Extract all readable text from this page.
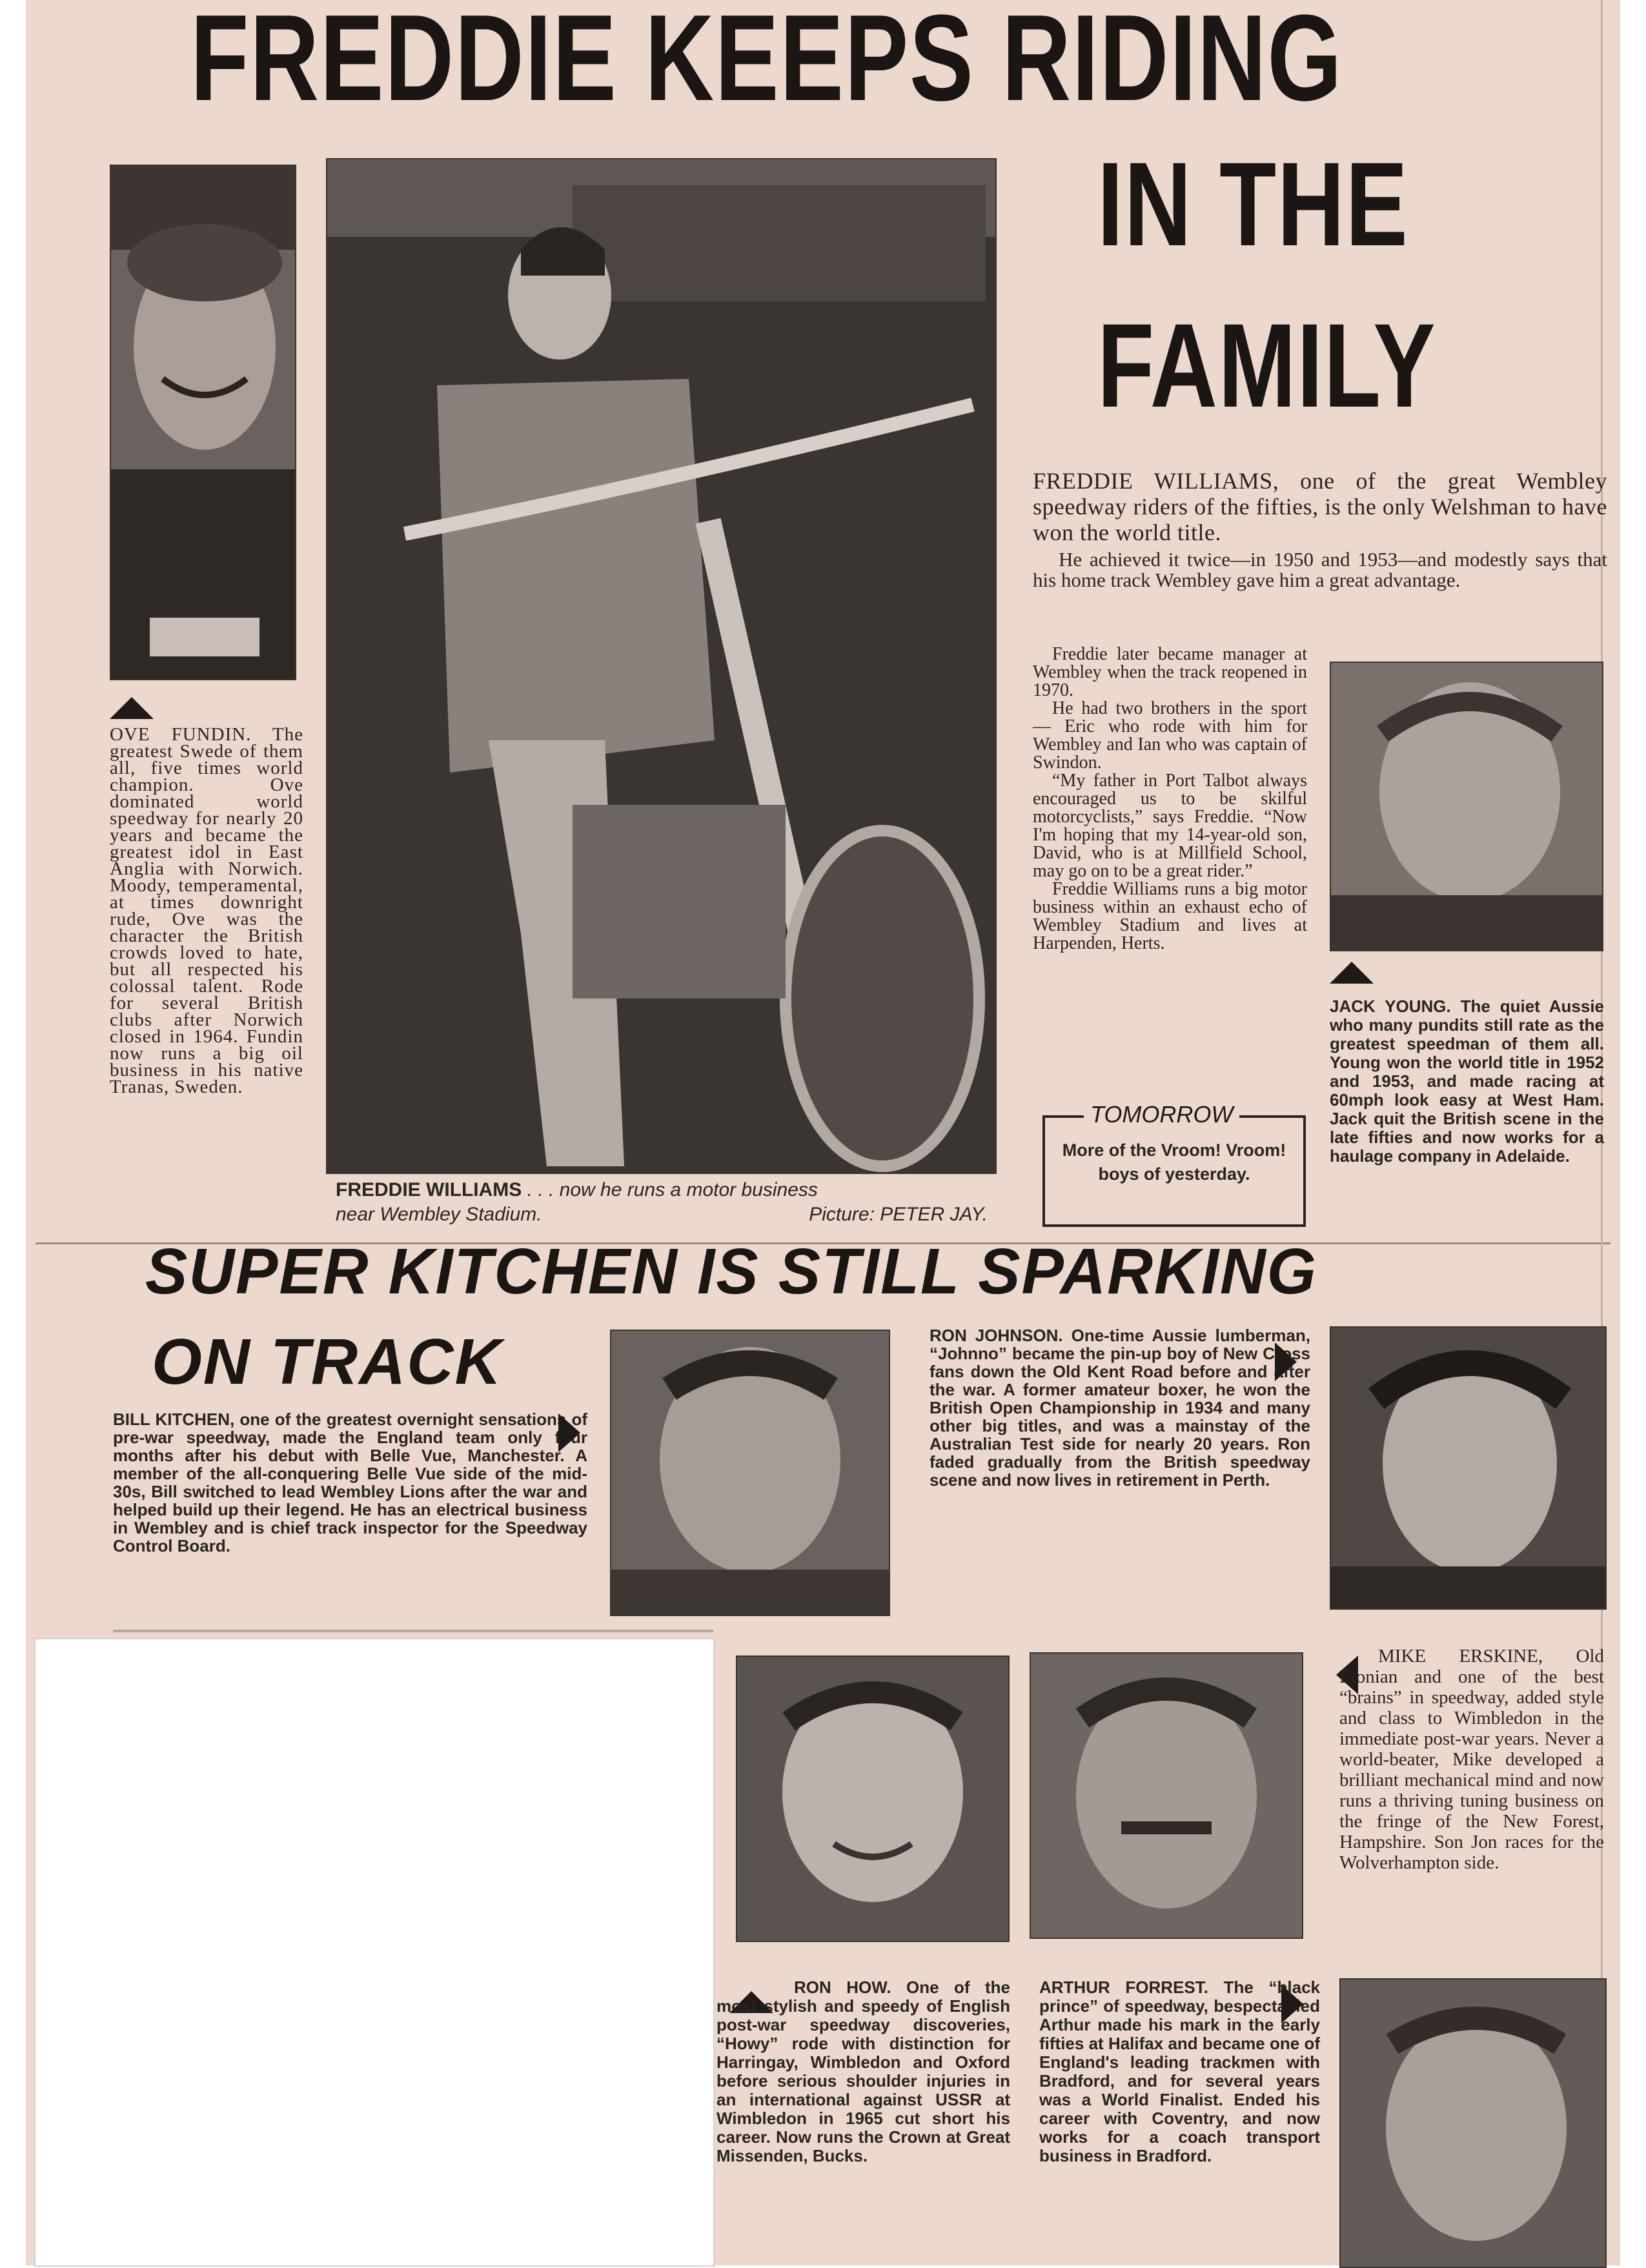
FREDDIE KEEPS RIDING
IN THE
FAMILY

OVE FUNDIN. The greatest Swede of them all, five times world champion. Ove dominated world speedway for nearly 20 years and became the greatest idol in East Anglia with Norwich. Moody, temperamental, at times downright rude, Ove was the character the British crowds loved to hate, but all respected his colossal talent. Rode for several British clubs after Norwich closed in 1964. Fundin now runs a big oil business in his native Tranas, Sweden.

FREDDIE WILLIAMS . . . now he runs a motor business
near Wembley Stadium.	Picture: PETER JAY.

FREDDIE WILLIAMS, one of the great Wembley speedway riders of the fifties, is the only Welshman to have won the world title.

He achieved it twice—in 1950 and 1953—and modestly says that his home track Wembley gave him a great advantage.

Freddie later became manager at Wembley when the track reopened in 1970.

He had two brothers in the sport — Eric who rode with him for Wembley and Ian who was captain of Swindon.

“My father in Port Talbot always encouraged us to be skilful motorcyclists,” says Freddie. “Now I'm hoping that my 14-year-old son, David, who is at Millfield School, may go on to be a great rider.”

Freddie Williams runs a big motor business within an exhaust echo of Wembley Stadium and lives at Harpenden, Herts.

JACK YOUNG. The quiet Aussie who many pundits still rate as the greatest speedman of them all. Young won the world title in 1952 and 1953, and made racing at 60mph look easy at West Ham. Jack quit the British scene in the late fifties and now works for a haulage company in Adelaide.

TOMORROW

More of the Vroom! Vroom! boys of yesterday.

SUPER KITCHEN IS STILL SPARKING
ON TRACK

BILL KITCHEN, one of the greatest overnight sensations of pre-war speedway, made the England team only four months after his debut with Belle Vue, Manchester. A member of the all-conquering Belle Vue side of the mid-30s, Bill switched to lead Wembley Lions after the war and helped build up their legend. He has an electrical business in Wembley and is chief track inspector for the Speedway Control Board.

RON JOHNSON. One-time Aussie lumberman, “Johnno” became the pin-up boy of New Cross fans down the Old Kent Road before and after the war. A former amateur boxer, he won the British Open Championship in 1934 and many other big titles, and was a mainstay of the Australian Test side for nearly 20 years. Ron faded gradually from the British speedway scene and now lives in retirement in Perth.

MIKE ERSKINE, Old Etonian and one of the best “brains” in speedway, added style and class to Wimbledon in the immediate post-war years. Never a world-beater, Mike developed a brilliant mechanical mind and now runs a thriving tuning business on the fringe of the New Forest, Hampshire. Son Jon races for the Wolverhampton side.

RON HOW. One of the most stylish and speedy of English post-war speedway discoveries, “Howy” rode with distinction for Harringay, Wimbledon and Oxford before serious shoulder injuries in an international against USSR at Wimbledon in 1965 cut short his career. Now runs the Crown at Great Missenden, Bucks.

ARTHUR FORREST. The “black prince” of speedway, bespectacled Arthur made his mark in the early fifties at Halifax and became one of England's leading trackmen with Bradford, and for several years was a World Finalist. Ended his career with Coventry, and now works for a coach transport business in Bradford.
